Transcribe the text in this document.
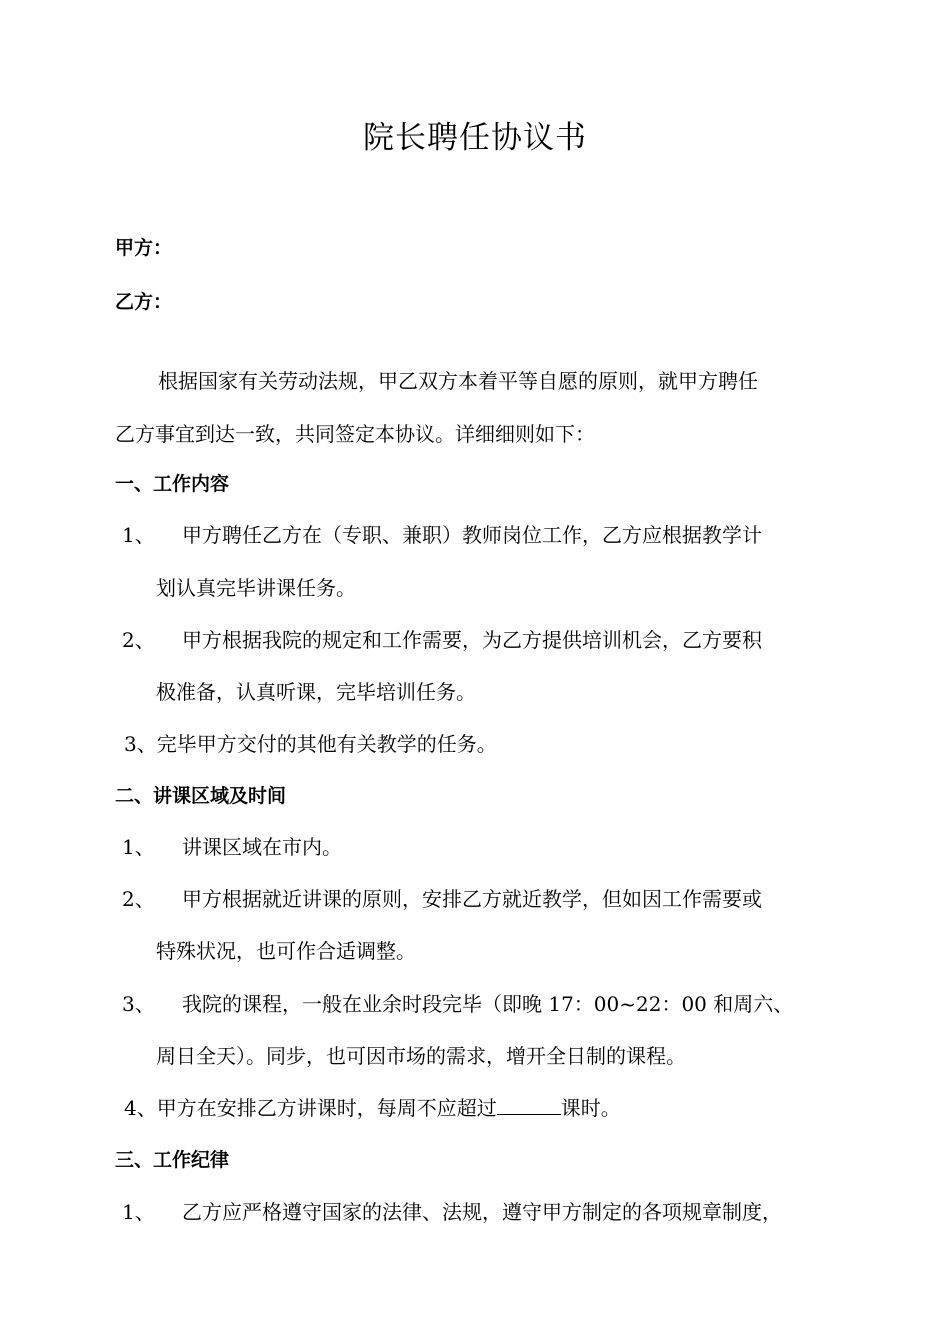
院长聘任协议书
甲方：
乙方：
根据国家有关劳动法规，甲乙双方本着平等自愿的原则，就甲方聘任
乙方事宜到达一致，共同签定本协议。详细细则如下：
一、工作内容
1、 甲方聘任乙方在（专职、兼职）教师岗位工作，乙方应根据教学计
划认真完毕讲课任务。
2、 甲方根据我院的规定和工作需要，为乙方提供培训机会，乙方要积
极准备，认真听课，完毕培训任务。
3、完毕甲方交付的其他有关教学的任务。
二、讲课区域及时间
1、 讲课区域在市内。
2、 甲方根据就近讲课的原则，安排乙方就近教学，但如因工作需要或
特殊状况，也可作合适调整。
3、 我院的课程，一般在业余时段完毕（即晚 17：00~22：00 和周六、
周日全天）。同步，也可因市场的需求，增开全日制的课程。
4、甲方在安排乙方讲课时，每周不应超过	课时。
三、工作纪律
1、 乙方应严格遵守国家的法律、法规，遵守甲方制定的各项规章制度，
